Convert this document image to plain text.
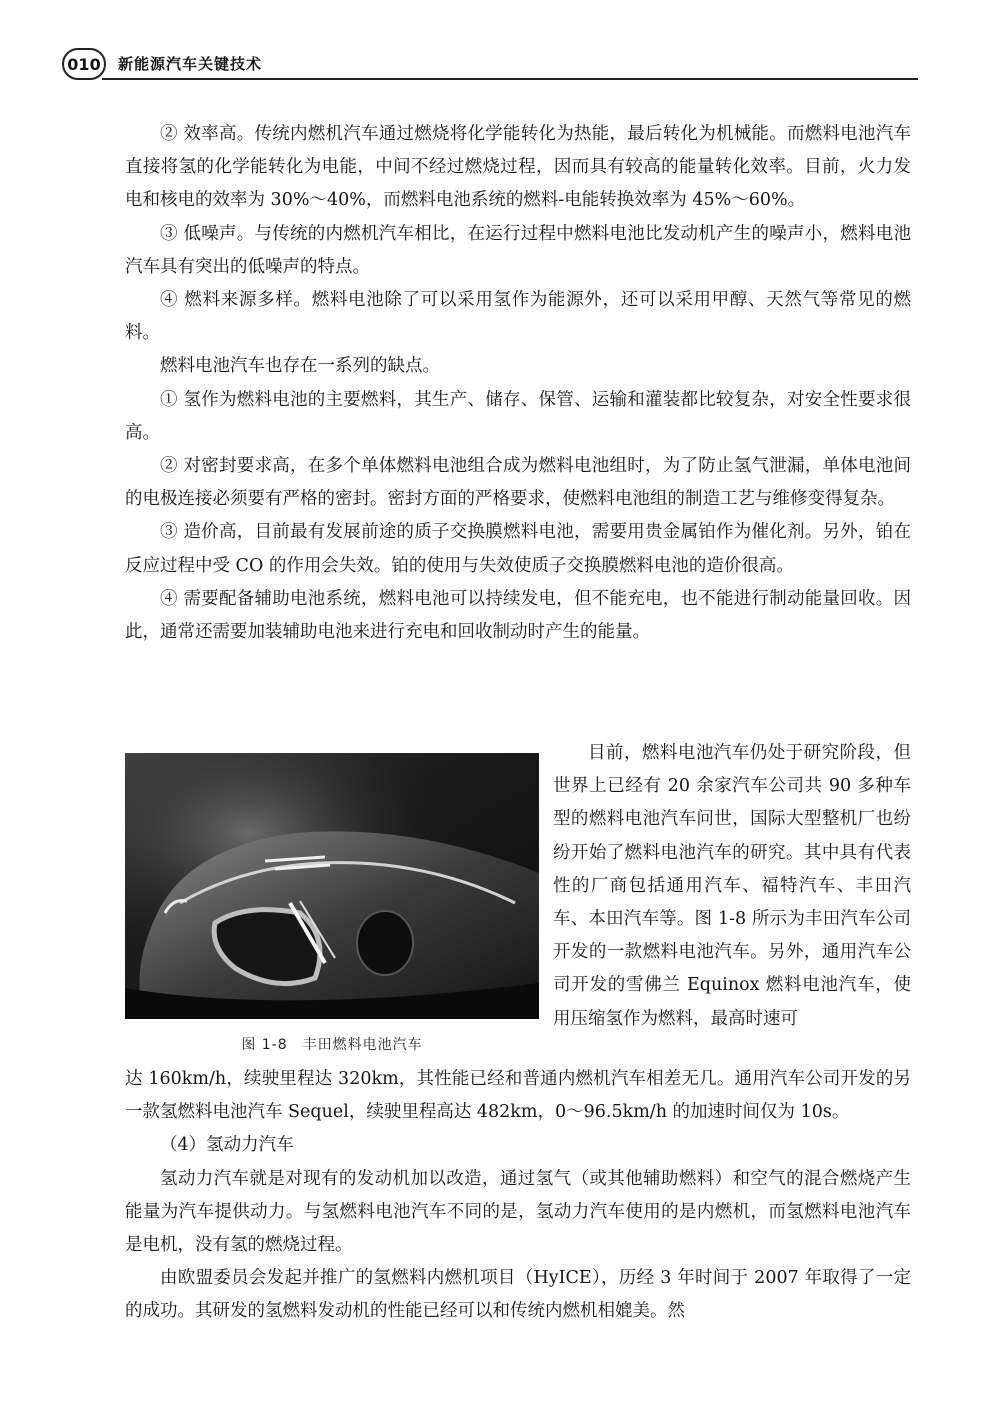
010	新能源汽车关键技术

② 效率高。传统内燃机汽车通过燃烧将化学能转化为热能，最后转化为机械能。而燃料电池汽车直接将氢的化学能转化为电能，中间不经过燃烧过程，因而具有较高的能量转化效率。目前，火力发电和核电的效率为 30%～40%，而燃料电池系统的燃料-电能转换效率为 45%～60%。

③ 低噪声。与传统的内燃机汽车相比，在运行过程中燃料电池比发动机产生的噪声小，燃料电池汽车具有突出的低噪声的特点。

④ 燃料来源多样。燃料电池除了可以采用氢作为能源外，还可以采用甲醇、天然气等常见的燃料。

燃料电池汽车也存在一系列的缺点。

① 氢作为燃料电池的主要燃料，其生产、储存、保管、运输和灌装都比较复杂，对安全性要求很高。

② 对密封要求高，在多个单体燃料电池组合成为燃料电池组时，为了防止氢气泄漏，单体电池间的电极连接必须要有严格的密封。密封方面的严格要求，使燃料电池组的制造工艺与维修变得复杂。

③ 造价高，目前最有发展前途的质子交换膜燃料电池，需要用贵金属铂作为催化剂。另外，铂在反应过程中受 CO 的作用会失效。铂的使用与失效使质子交换膜燃料电池的造价很高。

④ 需要配备辅助电池系统，燃料电池可以持续发电，但不能充电，也不能进行制动能量回收。因此，通常还需要加装辅助电池来进行充电和回收制动时产生的能量。

图 1-8　丰田燃料电池汽车

目前，燃料电池汽车仍处于研究阶段，但世界上已经有 20 余家汽车公司共 90 多种车型的燃料电池汽车问世，国际大型整机厂也纷纷开始了燃料电池汽车的研究。其中具有代表性的厂商包括通用汽车、福特汽车、丰田汽车、本田汽车等。图 1-8 所示为丰田汽车公司开发的一款燃料电池汽车。另外，通用汽车公司开发的雪佛兰 Equinox 燃料电池汽车，使用压缩氢作为燃料，最高时速可

达 160km/h，续驶里程达 320km，其性能已经和普通内燃机汽车相差无几。通用汽车公司开发的另一款氢燃料电池汽车 Sequel，续驶里程高达 482km，0～96.5km/h 的加速时间仅为 10s。

（4）氢动力汽车

氢动力汽车就是对现有的发动机加以改造，通过氢气（或其他辅助燃料）和空气的混合燃烧产生能量为汽车提供动力。与氢燃料电池汽车不同的是，氢动力汽车使用的是内燃机，而氢燃料电池汽车是电机，没有氢的燃烧过程。

由欧盟委员会发起并推广的氢燃料内燃机项目（HyICE），历经 3 年时间于 2007 年取得了一定的成功。其研发的氢燃料发动机的性能已经可以和传统内燃机相媲美。然
